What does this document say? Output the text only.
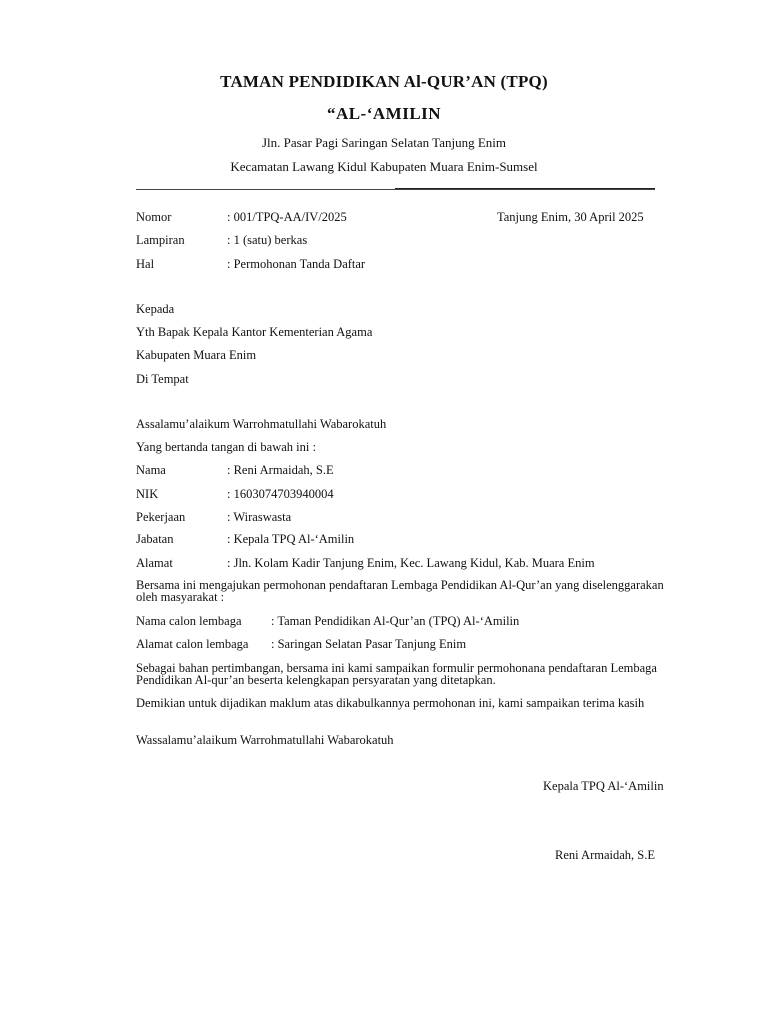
TAMAN PENDIDIKAN Al-QUR’AN (TPQ)
“AL-‘AMILIN
Jln. Pasar Pagi Saringan Selatan Tanjung Enim
Kecamatan Lawang Kidul Kabupaten Muara Enim-Sumsel
Nomor	: 001/TPQ-AA/IV/2025	Tanjung Enim, 30 April 2025
Lampiran	: 1 (satu) berkas
Hal	: Permohonan Tanda Daftar
Kepada
Yth Bapak Kepala Kantor Kementerian Agama
Kabupaten Muara Enim
Di Tempat
Assalamu’alaikum Warrohmatullahi Wabarokatuh
Yang bertanda tangan di bawah ini :
Nama	: Reni Armaidah, S.E
NIK	: 1603074703940004
Pekerjaan	: Wiraswasta
Jabatan	: Kepala TPQ Al-‘Amilin
Alamat	: Jln. Kolam Kadir Tanjung Enim, Kec. Lawang Kidul, Kab. Muara Enim
Bersama ini mengajukan permohonan pendaftaran Lembaga Pendidikan Al-Qur’an yang diselenggarakan oleh masyarakat :
Nama calon lembaga : Taman Pendidikan Al-Qur’an (TPQ) Al-‘Amilin
Alamat calon lembaga : Saringan Selatan Pasar Tanjung Enim
Sebagai bahan pertimbangan, bersama ini kami sampaikan formulir permohonana pendaftaran Lembaga Pendidikan Al-qur’an beserta kelengkapan persyaratan yang ditetapkan.
Demikian untuk dijadikan maklum atas dikabulkannya permohonan ini, kami sampaikan terima kasih
Wassalamu’alaikum Warrohmatullahi Wabarokatuh
Kepala TPQ Al-‘Amilin
Reni Armaidah, S.E
